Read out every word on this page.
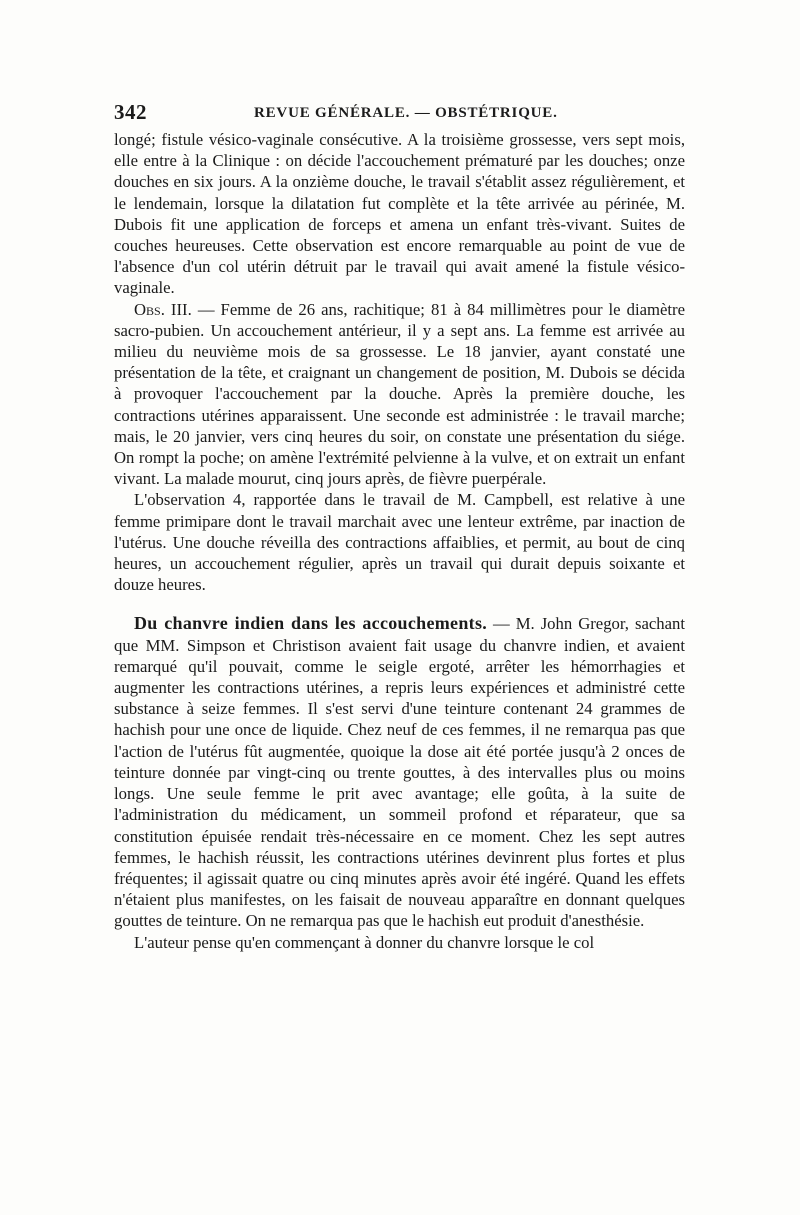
342	REVUE GÉNÉRALE. — OBSTÉTRIQUE.

longé; fistule vésico-vaginale consécutive. A la troisième grossesse, vers sept mois, elle entre à la Clinique : on décide l'accouchement prématuré par les douches; onze douches en six jours. A la onzième douche, le travail s'établit assez régulièrement, et le lendemain, lorsque la dilatation fut complète et la tête arrivée au périnée, M. Dubois fit une application de forceps et amena un enfant très-vivant. Suites de couches heureuses. Cette observation est encore remarquable au point de vue de l'absence d'un col utérin détruit par le travail qui avait amené la fistule vésico-vaginale.

Obs. III. — Femme de 26 ans, rachitique; 81 à 84 millimètres pour le diamètre sacro-pubien. Un accouchement antérieur, il y a sept ans. La femme est arrivée au milieu du neuvième mois de sa grossesse. Le 18 janvier, ayant constaté une présentation de la tête, et craignant un changement de position, M. Dubois se décida à provoquer l'accouchement par la douche. Après la première douche, les contractions utérines apparaissent. Une seconde est administrée : le travail marche; mais, le 20 janvier, vers cinq heures du soir, on constate une présentation du siége. On rompt la poche; on amène l'extrémité pelvienne à la vulve, et on extrait un enfant vivant. La malade mourut, cinq jours après, de fièvre puerpérale.

L'observation 4, rapportée dans le travail de M. Campbell, est relative à une femme primipare dont le travail marchait avec une lenteur extrême, par inaction de l'utérus. Une douche réveilla des contractions affaiblies, et permit, au bout de cinq heures, un accouchement régulier, après un travail qui durait depuis soixante et douze heures.

Du chanvre indien dans les accouchements. — M. John Gregor, sachant que MM. Simpson et Christison avaient fait usage du chanvre indien, et avaient remarqué qu'il pouvait, comme le seigle ergoté, arrêter les hémorrhagies et augmenter les contractions utérines, a repris leurs expériences et administré cette substance à seize femmes. Il s'est servi d'une teinture contenant 24 grammes de hachish pour une once de liquide. Chez neuf de ces femmes, il ne remarqua pas que l'action de l'utérus fût augmentée, quoique la dose ait été portée jusqu'à 2 onces de teinture donnée par vingt-cinq ou trente gouttes, à des intervalles plus ou moins longs. Une seule femme le prit avec avantage; elle goûta, à la suite de l'administration du médicament, un sommeil profond et réparateur, que sa constitution épuisée rendait très-nécessaire en ce moment. Chez les sept autres femmes, le hachish réussit, les contractions utérines devinrent plus fortes et plus fréquentes; il agissait quatre ou cinq minutes après avoir été ingéré. Quand les effets n'étaient plus manifestes, on les faisait de nouveau apparaître en donnant quelques gouttes de teinture. On ne remarqua pas que le hachish eut produit d'anesthésie.

L'auteur pense qu'en commençant à donner du chanvre lorsque le col
